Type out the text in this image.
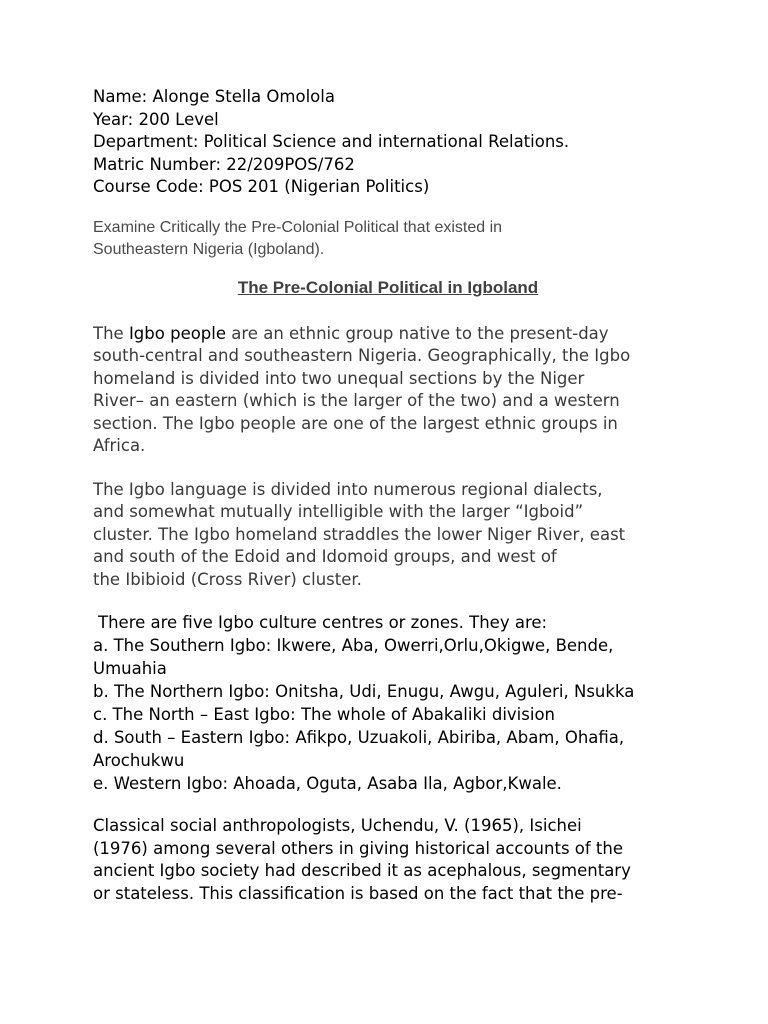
Name: Alonge Stella Omolola
Year: 200 Level
Department: Political Science and international Relations.
Matric Number: 22/209POS/762
Course Code: POS 201 (Nigerian Politics)
Examine Critically the Pre-Colonial Political that existed in
Southeastern Nigeria (Igboland).
The Pre-Colonial Political in Igboland
The Igbo people are an ethnic group native to the present-day
south-central and southeastern Nigeria. Geographically, the Igbo
homeland is divided into two unequal sections by the Niger
River– an eastern (which is the larger of the two) and a western
section. The Igbo people are one of the largest ethnic groups in
Africa.
The Igbo language is divided into numerous regional dialects,
and somewhat mutually intelligible with the larger “Igboid”
cluster. The Igbo homeland straddles the lower Niger River, east
and south of the Edoid and Idomoid groups, and west of
the Ibibioid (Cross River) cluster.
There are five Igbo culture centres or zones. They are:
a. The Southern Igbo: Ikwere, Aba, Owerri,Orlu,Okigwe, Bende,
Umuahia
b. The Northern Igbo: Onitsha, Udi, Enugu, Awgu, Aguleri, Nsukka
c. The North – East Igbo: The whole of Abakaliki division
d. South – Eastern Igbo: Afikpo, Uzuakoli, Abiriba, Abam, Ohafia,
Arochukwu
e. Western Igbo: Ahoada, Oguta, Asaba Ila, Agbor,Kwale.
Classical social anthropologists, Uchendu, V. (1965), Isichei
(1976) among several others in giving historical accounts of the
ancient Igbo society had described it as acephalous, segmentary
or stateless. This classification is based on the fact that the pre-
